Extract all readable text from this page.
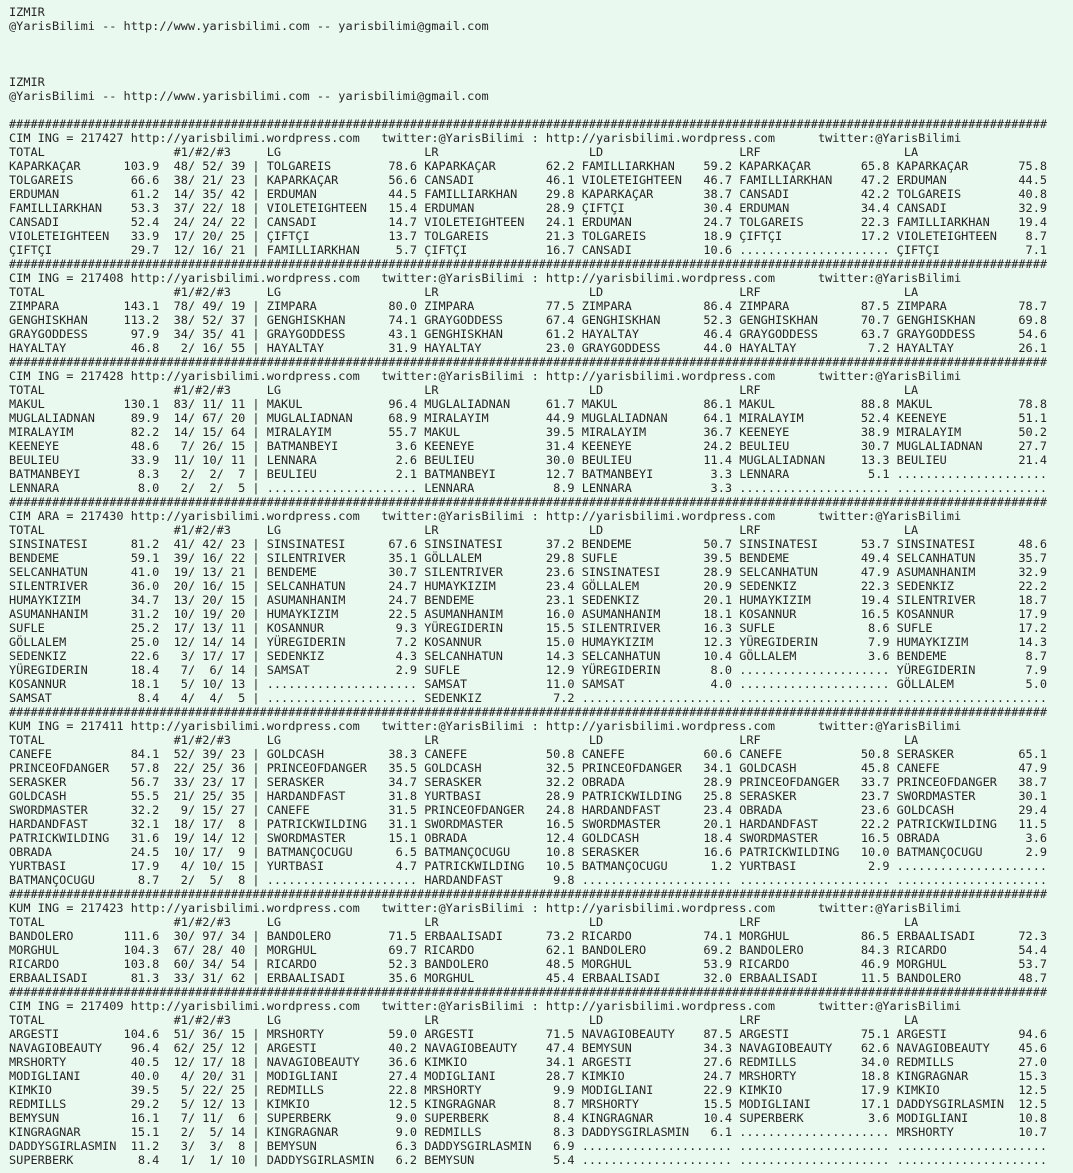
IZMIR
@YarisBilimi -- http://www.yarisbilimi.com -- yarisbilimi@gmail.com
IZMIR
@YarisBilimi -- http://www.yarisbilimi.com -- yarisbilimi@gmail.com
#################################################################################################################################################
CIM ING = 217427 http://yarisbilimi.wordpress.com   twitter:@YarisBilimi : http://yarisbilimi.wordpress.com      twitter:@YarisBilimi
TOTAL                  #1/#2/#3     LG                    LR                     LD                   LRF                    LA
KAPARKAÇAR      103.9  48/ 52/ 39 | TOLGAREIS        78.6 KAPARKAÇAR       62.2 FAMILLIARKHAN    59.2 KAPARKAÇAR       65.8 KAPARKAÇAR       75.8
TOLGAREIS        66.6  38/ 21/ 23 | KAPARKAÇAR       56.6 CANSADI          46.1 VIOLETEIGHTEEN   46.7 FAMILLIARKHAN    47.2 ERDUMAN          44.5
ERDUMAN          61.2  14/ 35/ 42 | ERDUMAN          44.5 FAMILLIARKHAN    29.8 KAPARKAÇAR       38.7 CANSADI          42.2 TOLGAREIS        40.8
FAMILLIARKHAN    53.3  37/ 22/ 18 | VIOLETEIGHTEEN   15.4 ERDUMAN          28.9 ÇIFTÇI           30.4 ERDUMAN          34.4 CANSADI          32.9
CANSADI          52.4  24/ 24/ 22 | CANSADI          14.7 VIOLETEIGHTEEN   24.1 ERDUMAN          24.7 TOLGAREIS        22.3 FAMILLIARKHAN    19.4
VIOLETEIGHTEEN   33.9  17/ 20/ 25 | ÇIFTÇI           13.7 TOLGAREIS        21.3 TOLGAREIS        18.9 ÇIFTÇI           17.2 VIOLETEIGHTEEN    8.7
ÇIFTÇI           29.7  12/ 16/ 21 | FAMILLIARKHAN     5.7 ÇIFTÇI           16.7 CANSADI          10.6 ..................... ÇIFTÇI            7.1
#################################################################################################################################################
CIM ING = 217408 http://yarisbilimi.wordpress.com   twitter:@YarisBilimi : http://yarisbilimi.wordpress.com      twitter:@YarisBilimi
TOTAL                  #1/#2/#3     LG                    LR                     LD                   LRF                    LA
ZIMPARA         143.1  78/ 49/ 19 | ZIMPARA          80.0 ZIMPARA          77.5 ZIMPARA          86.4 ZIMPARA          87.5 ZIMPARA          78.7
GENGHISKHAN     113.2  38/ 52/ 37 | GENGHISKHAN      74.1 GRAYGODDESS      67.4 GENGHISKHAN      52.3 GENGHISKHAN      70.7 GENGHISKHAN      69.8
GRAYGODDESS      97.9  34/ 35/ 41 | GRAYGODDESS      43.1 GENGHISKHAN      61.2 HAYALTAY         46.4 GRAYGODDESS      63.7 GRAYGODDESS      54.6
HAYALTAY         46.8   2/ 16/ 55 | HAYALTAY         31.9 HAYALTAY         23.0 GRAYGODDESS      44.0 HAYALTAY          7.2 HAYALTAY         26.1
#################################################################################################################################################
CIM ING = 217428 http://yarisbilimi.wordpress.com   twitter:@YarisBilimi : http://yarisbilimi.wordpress.com      twitter:@YarisBilimi
TOTAL                  #1/#2/#3     LG                    LR                     LD                   LRF                    LA
MAKUL           130.1  83/ 11/ 11 | MAKUL            96.4 MUGLALIADNAN     61.7 MAKUL            86.1 MAKUL            88.8 MAKUL            78.8
MUGLALIADNAN     89.9  14/ 67/ 20 | MUGLALIADNAN     68.9 MIRALAYIM        44.9 MUGLALIADNAN     64.1 MIRALAYIM        52.4 KEENEYE          51.1
MIRALAYIM        82.2  14/ 15/ 64 | MIRALAYIM        55.7 MAKUL            39.5 MIRALAYIM        36.7 KEENEYE          38.9 MIRALAYIM        50.2
KEENEYE          48.6   7/ 26/ 15 | BATMANBEYI        3.6 KEENEYE          31.4 KEENEYE          24.2 BEULIEU          30.7 MUGLALIADNAN     27.7
BEULIEU          33.9  11/ 10/ 11 | LENNARA           2.6 BEULIEU          30.0 BEULIEU          11.4 MUGLALIADNAN     13.3 BEULIEU          21.4
BATMANBEYI        8.3   2/  2/  7 | BEULIEU           2.1 BATMANBEYI       12.7 BATMANBEYI        3.3 LENNARA           5.1 .....................
LENNARA           8.0   2/  2/  5 | ..................... LENNARA           8.9 LENNARA           3.3 ..................... .....................
#################################################################################################################################################
CIM ARA = 217430 http://yarisbilimi.wordpress.com   twitter:@YarisBilimi : http://yarisbilimi.wordpress.com      twitter:@YarisBilimi
TOTAL                  #1/#2/#3     LG                    LR                     LD                   LRF                    LA
SINSINATESI      81.2  41/ 42/ 23 | SINSINATESI      67.6 SINSINATESI      37.2 BENDEME          50.7 SINSINATESI      53.7 SINSINATESI      48.6
BENDEME          59.1  39/ 16/ 22 | SILENTRIVER      35.1 GÖLLALEM         29.8 SUFLE            39.5 BENDEME          49.4 SELCANHATUN      35.7
SELCANHATUN      41.0  19/ 13/ 21 | BENDEME          30.7 SILENTRIVER      23.6 SINSINATESI      28.9 SELCANHATUN      47.9 ASUMANHANIM      32.9
SILENTRIVER      36.0  20/ 16/ 15 | SELCANHATUN      24.7 HUMAYKIZIM       23.4 GÖLLALEM         20.9 SEDENKIZ         22.3 SEDENKIZ         22.2
HUMAYKIZIM       34.7  13/ 20/ 15 | ASUMANHANIM      24.7 BENDEME          23.1 SEDENKIZ         20.1 HUMAYKIZIM       19.4 SILENTRIVER      18.7
ASUMANHANIM      31.2  10/ 19/ 20 | HUMAYKIZIM       22.5 ASUMANHANIM      16.0 ASUMANHANIM      18.1 KOSANNUR         16.5 KOSANNUR         17.9
SUFLE            25.2  17/ 13/ 11 | KOSANNUR          9.3 YÜREGIDERIN      15.5 SILENTRIVER      16.3 SUFLE             8.6 SUFLE            17.2
GÖLLALEM         25.0  12/ 14/ 14 | YÜREGIDERIN       7.2 KOSANNUR         15.0 HUMAYKIZIM       12.3 YÜREGIDERIN       7.9 HUMAYKIZIM       14.3
SEDENKIZ         22.6   3/ 17/ 17 | SEDENKIZ          4.3 SELCANHATUN      14.3 SELCANHATUN      10.4 GÖLLALEM          3.6 BENDEME           8.7
YÜREGIDERIN      18.4   7/  6/ 14 | SAMSAT            2.9 SUFLE            12.9 YÜREGIDERIN       8.0 ..................... YÜREGIDERIN       7.9
KOSANNUR         18.1   5/ 10/ 13 | ..................... SAMSAT           11.0 SAMSAT            4.0 ..................... GÖLLALEM          5.0
SAMSAT            8.4   4/  4/  5 | ..................... SEDENKIZ          7.2 ..................... ..................... .....................
#################################################################################################################################################
KUM ING = 217411 http://yarisbilimi.wordpress.com   twitter:@YarisBilimi : http://yarisbilimi.wordpress.com      twitter:@YarisBilimi
TOTAL                  #1/#2/#3     LG                    LR                     LD                   LRF                    LA
CANEFE           84.1  52/ 39/ 23 | GOLDCASH         38.3 CANEFE           50.8 CANEFE           60.6 CANEFE           50.8 SERASKER         65.1
PRINCEOFDANGER   57.8  22/ 25/ 36 | PRINCEOFDANGER   35.5 GOLDCASH         32.5 PRINCEOFDANGER   34.1 GOLDCASH         45.8 CANEFE           47.9
SERASKER         56.7  33/ 23/ 17 | SERASKER         34.7 SERASKER         32.2 OBRADA           28.9 PRINCEOFDANGER   33.7 PRINCEOFDANGER   38.7
GOLDCASH         55.5  21/ 25/ 35 | HARDANDFAST      31.8 YURTBASI         28.9 PATRICKWILDING   25.8 SERASKER         23.7 SWORDMASTER      30.1
SWORDMASTER      32.2   9/ 15/ 27 | CANEFE           31.5 PRINCEOFDANGER   24.8 HARDANDFAST      23.4 OBRADA           23.6 GOLDCASH         29.4
HARDANDFAST      32.1  18/ 17/  8 | PATRICKWILDING   31.1 SWORDMASTER      16.5 SWORDMASTER      20.1 HARDANDFAST      22.2 PATRICKWILDING   11.5
PATRICKWILDING   31.6  19/ 14/ 12 | SWORDMASTER      15.1 OBRADA           12.4 GOLDCASH         18.4 SWORDMASTER      16.5 OBRADA            3.6
OBRADA           24.5  10/ 17/  9 | BATMANÇOCUGU      6.5 BATMANÇOCUGU     10.8 SERASKER         16.6 PATRICKWILDING   10.0 BATMANÇOCUGU      2.9
YURTBASI         17.9   4/ 10/ 15 | YURTBASI          4.7 PATRICKWILDING   10.5 BATMANÇOCUGU      1.2 YURTBASI          2.9 .....................
BATMANÇOCUGU      8.7   2/  5/  8 | ..................... HARDANDFAST       9.8 ..................... ..................... .....................
#################################################################################################################################################
KUM ING = 217423 http://yarisbilimi.wordpress.com   twitter:@YarisBilimi : http://yarisbilimi.wordpress.com      twitter:@YarisBilimi
TOTAL                  #1/#2/#3     LG                    LR                     LD                   LRF                    LA
BANDOLERO       111.6  30/ 97/ 34 | BANDOLERO        71.5 ERBAALISADI      73.2 RICARDO          74.1 MORGHUL          86.5 ERBAALISADI      72.3
MORGHUL         104.3  67/ 28/ 40 | MORGHUL          69.7 RICARDO          62.1 BANDOLERO        69.2 BANDOLERO        84.3 RICARDO          54.4
RICARDO         103.8  60/ 34/ 54 | RICARDO          52.3 BANDOLERO        48.5 MORGHUL          53.9 RICARDO          46.9 MORGHUL          53.7
ERBAALISADI      81.3  33/ 31/ 62 | ERBAALISADI      35.6 MORGHUL          45.4 ERBAALISADI      32.0 ERBAALISADI      11.5 BANDOLERO        48.7
#################################################################################################################################################
CIM ING = 217409 http://yarisbilimi.wordpress.com   twitter:@YarisBilimi : http://yarisbilimi.wordpress.com      twitter:@YarisBilimi
TOTAL                  #1/#2/#3     LG                    LR                     LD                   LRF                    LA
ARGESTI         104.6  51/ 36/ 15 | MRSHORTY         59.0 ARGESTI          71.5 NAVAGIOBEAUTY    87.5 ARGESTI          75.1 ARGESTI          94.6
NAVAGIOBEAUTY    96.4  62/ 25/ 12 | ARGESTI          40.2 NAVAGIOBEAUTY    47.4 BEMYSUN          34.3 NAVAGIOBEAUTY    62.6 NAVAGIOBEAUTY    45.6
MRSHORTY         40.5  12/ 17/ 18 | NAVAGIOBEAUTY    36.6 KIMKIO           34.1 ARGESTI          27.6 REDMILLS         34.0 REDMILLS         27.0
MODIGLIANI       40.0   4/ 20/ 31 | MODIGLIANI       27.4 MODIGLIANI       28.7 KIMKIO           24.7 MRSHORTY         18.8 KINGRAGNAR       15.3
KIMKIO           39.5   5/ 22/ 25 | REDMILLS         22.8 MRSHORTY          9.9 MODIGLIANI       22.9 KIMKIO           17.9 KIMKIO           12.5
REDMILLS         29.2   5/ 12/ 13 | KIMKIO           12.5 KINGRAGNAR        8.7 MRSHORTY         15.5 MODIGLIANI       17.1 DADDYSGIRLASMIN  12.5
BEMYSUN          16.1   7/ 11/  6 | SUPERBERK         9.0 SUPERBERK         8.4 KINGRAGNAR       10.4 SUPERBERK         3.6 MODIGLIANI       10.8
KINGRAGNAR       15.1   2/  5/ 14 | KINGRAGNAR        9.0 REDMILLS          8.3 DADDYSGIRLASMIN   6.1 ..................... MRSHORTY         10.7
DADDYSGIRLASMIN  11.2   3/  3/  8 | BEMYSUN           6.3 DADDYSGIRLASMIN   6.9 ..................... ..................... .....................
SUPERBERK         8.4   1/  1/ 10 | DADDYSGIRLASMIN   6.2 BEMYSUN           5.4 ..................... ..................... .....................
